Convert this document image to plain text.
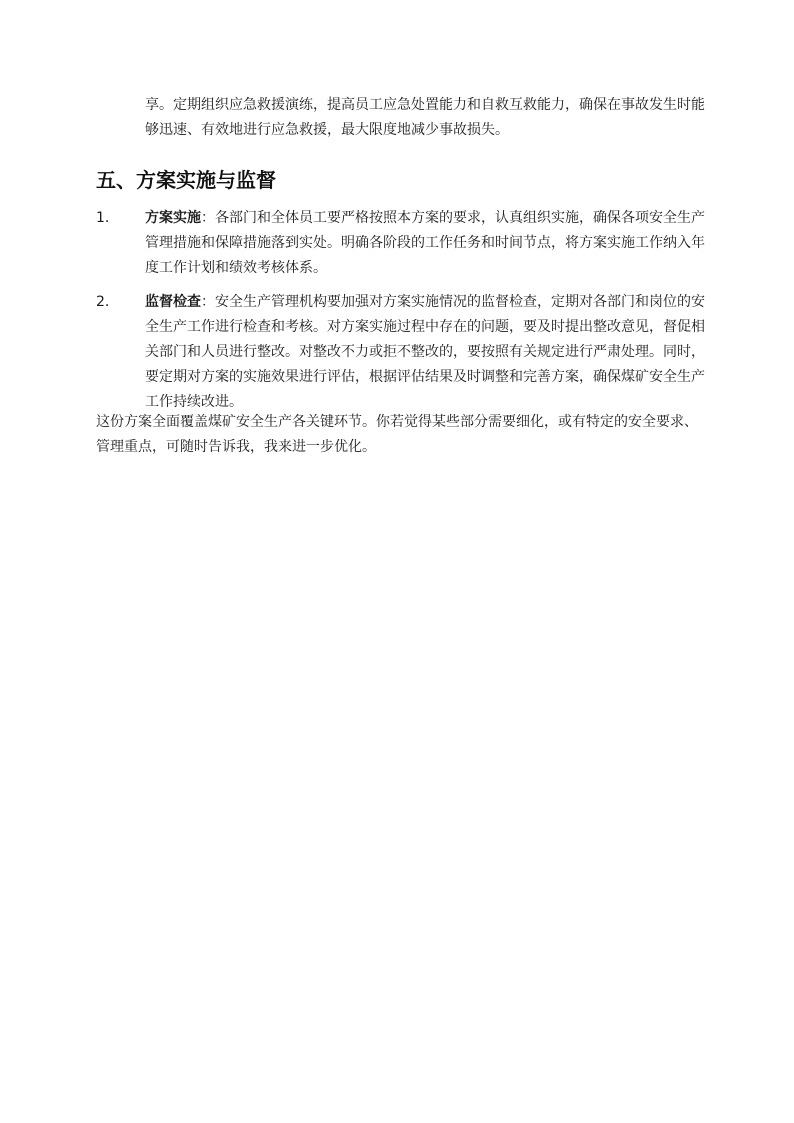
享。定期组织应急救援演练，提高员工应急处置能力和自救互救能力，确保在事故发生时能够迅速、有效地进行应急救援，最大限度地减少事故损失。

五、方案实施与监督
1.	方案实施：各部门和全体员工要严格按照本方案的要求，认真组织实施，确保各项安全生产管理措施和保障措施落到实处。明确各阶段的工作任务和时间节点，将方案实施工作纳入年度工作计划和绩效考核体系。
2.	监督检查：安全生产管理机构要加强对方案实施情况的监督检查，定期对各部门和岗位的安全生产工作进行检查和考核。对方案实施过程中存在的问题，要及时提出整改意见，督促相关部门和人员进行整改。对整改不力或拒不整改的，要按照有关规定进行严肃处理。同时，要定期对方案的实施效果进行评估，根据评估结果及时调整和完善方案，确保煤矿安全生产工作持续改进。

这份方案全面覆盖煤矿安全生产各关键环节。你若觉得某些部分需要细化，或有特定的安全要求、管理重点，可随时告诉我，我来进一步优化。
